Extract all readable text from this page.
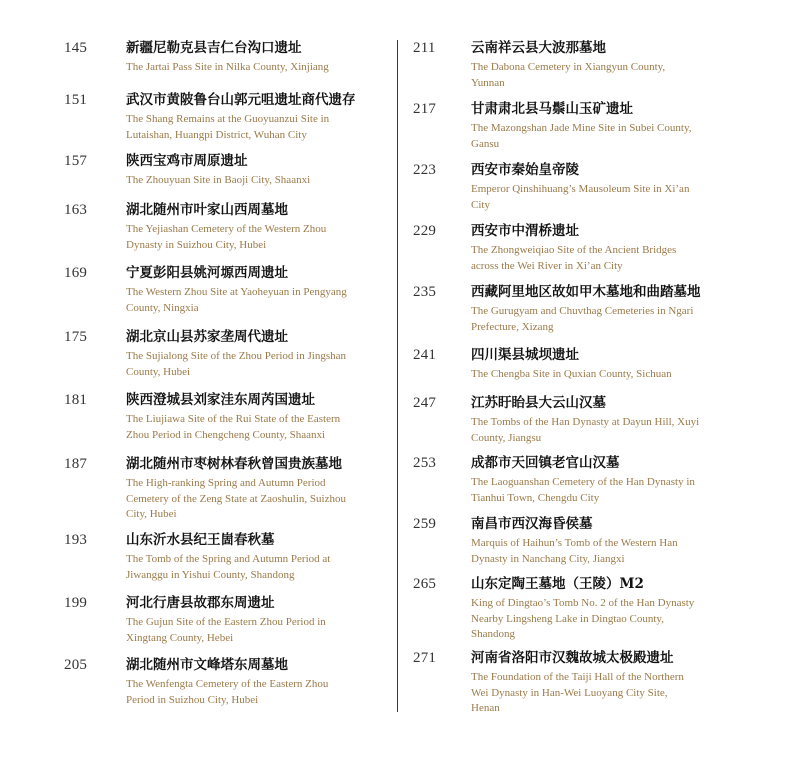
145	新疆尼勒克县吉仁台沟口遗址
The Jartai Pass Site in Nilka County, Xinjiang
151	武汉市黄陂鲁台山郭元咀遗址商代遗存
The Shang Remains at the Guoyuanzui Site in
Lutaishan, Huangpi District, Wuhan City
157	陕西宝鸡市周原遗址
The Zhouyuan Site in Baoji City, Shaanxi
163	湖北随州市叶家山西周墓地
The Yejiashan Cemetery of the Western Zhou
Dynasty in Suizhou City, Hubei
169	宁夏彭阳县姚河塬西周遗址
The Western Zhou Site at Yaoheyuan in Pengyang
County, Ningxia
175	湖北京山县苏家垄周代遗址
The Sujialong Site of the Zhou Period in Jingshan
County, Hubei
181	陕西澄城县刘家洼东周芮国遗址
The Liujiawa Site of the Rui State of the Eastern
Zhou Period in Chengcheng County, Shaanxi
187	湖北随州市枣树林春秋曾国贵族墓地
The High-ranking Spring and Autumn Period
Cemetery of the Zeng State at Zaoshulin, Suizhou
City, Hubei
193	山东沂水县纪王崮春秋墓
The Tomb of the Spring and Autumn Period at
Jiwanggu in Yishui County, Shandong
199	河北行唐县故郡东周遗址
The Gujun Site of the Eastern Zhou Period in
Xingtang County, Hebei
205	湖北随州市文峰塔东周墓地
The Wenfengta Cemetery of the Eastern Zhou
Period in Suizhou City, Hubei
211	云南祥云县大波那墓地
The Dabona Cemetery in Xiangyun County,
Yunnan
217	甘肃肃北县马鬃山玉矿遗址
The Mazongshan Jade Mine Site in Subei County,
Gansu
223	西安市秦始皇帝陵
Emperor Qinshihuang’s Mausoleum Site in Xi’an
City
229	西安市中渭桥遗址
The Zhongweiqiao Site of the Ancient Bridges
across the Wei River in Xi’an City
235	西藏阿里地区故如甲木墓地和曲踏墓地
The Gurugyam and Chuvthag Cemeteries in Ngari
Prefecture, Xizang
241	四川渠县城坝遗址
The Chengba Site in Quxian County, Sichuan
247	江苏盱眙县大云山汉墓
The Tombs of the Han Dynasty at Dayun Hill, Xuyi
County, Jiangsu
253	成都市天回镇老官山汉墓
The Laoguanshan Cemetery of the Han Dynasty in
Tianhui Town, Chengdu City
259	南昌市西汉海昏侯墓
Marquis of Haihun’s Tomb of the Western Han
Dynasty in Nanchang City, Jiangxi
265	山东定陶王墓地（王陵）M2
King of Dingtao’s Tomb No. 2 of the Han Dynasty
Nearby Lingsheng Lake in Dingtao County,
Shandong
271	河南省洛阳市汉魏故城太极殿遗址
The Foundation of the Taiji Hall of the Northern
Wei Dynasty in Han-Wei Luoyang City Site,
Henan
